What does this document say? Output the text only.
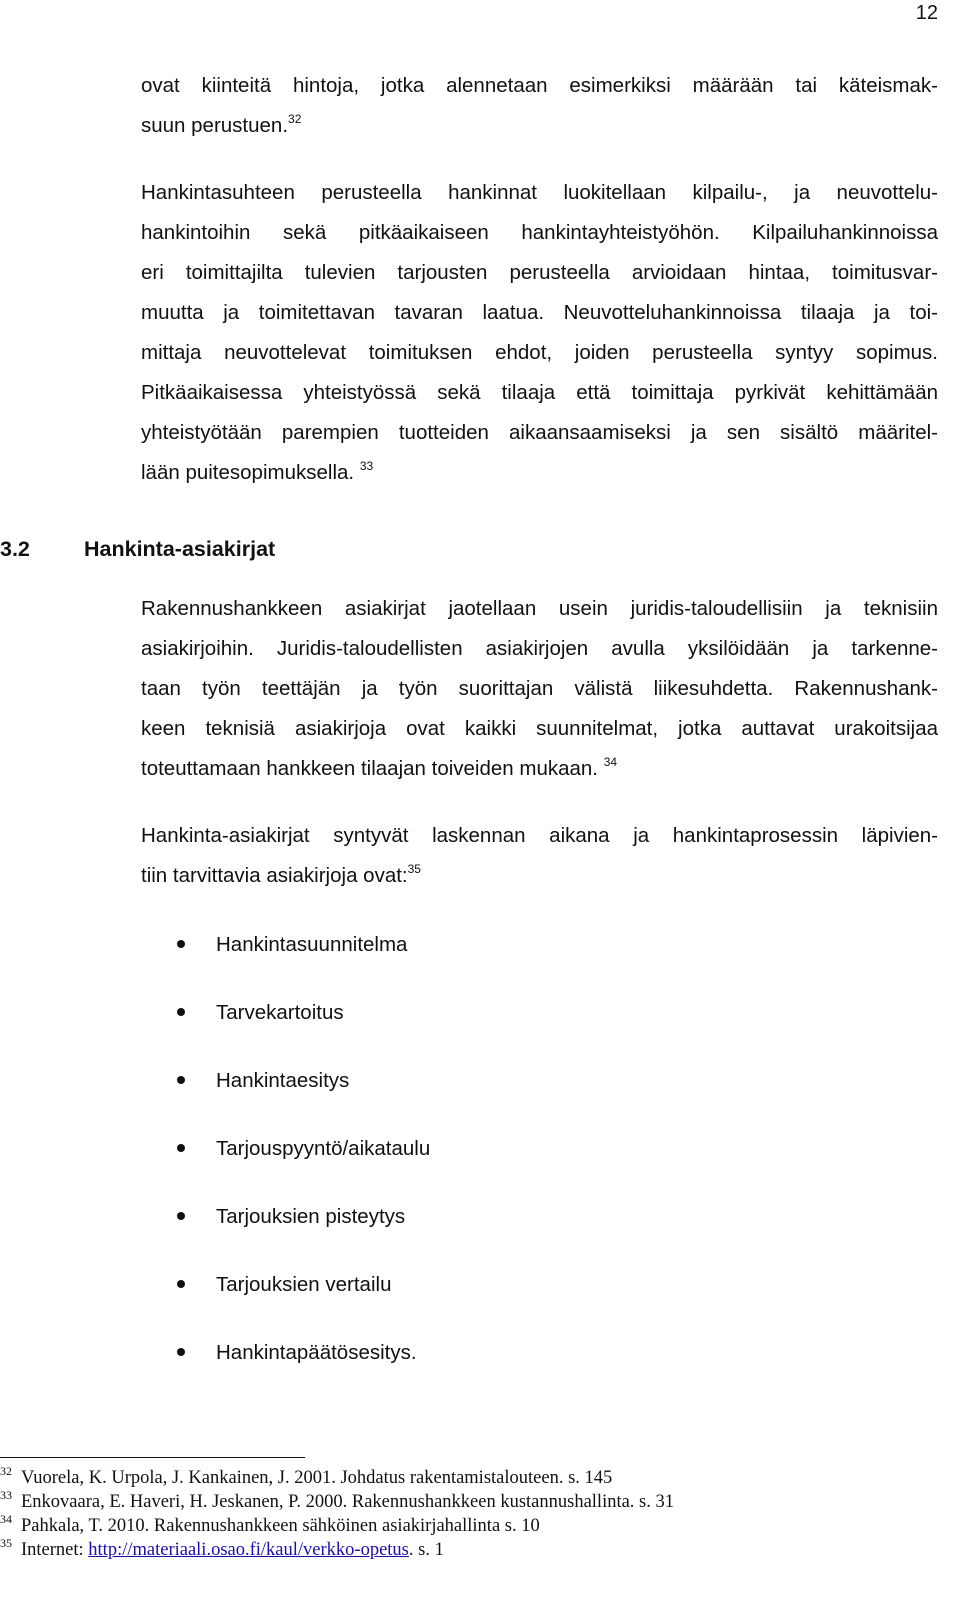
12
ovat kiinteitä hintoja, jotka alennetaan esimerkiksi määrään tai käteismak-
suun perustuen.$^{32}$
Hankintasuhteen perusteella hankinnat luokitellaan kilpailu-, ja neuvottelu-
hankintoihin sekä pitkäaikaiseen hankintayhteistyöhön. Kilpailuhankinnoissa
eri toimittajilta tulevien tarjousten perusteella arvioidaan hintaa, toimitusvar-
muutta ja toimitettavan tavaran laatua. Neuvotteluhankinnoissa tilaaja ja toi-
mittaja neuvottelevat toimituksen ehdot, joiden perusteella syntyy sopimus.
Pitkäaikaisessa yhteistyössä sekä tilaaja että toimittaja pyrkivät kehittämään
yhteistyötään parempien tuotteiden aikaansaamiseksi ja sen sisältö määritel-
lään puitesopimuksella. $^{33}$
3.2	Hankinta-asiakirjat
Rakennushankkeen asiakirjat jaotellaan usein juridis-taloudellisiin ja teknisiin
asiakirjoihin. Juridis-taloudellisten asiakirjojen avulla yksilöidään ja tarkenne-
taan työn teettäjän ja työn suorittajan välistä liikesuhdetta. Rakennushank-
keen teknisiä asiakirjoja ovat kaikki suunnitelmat, jotka auttavat urakoitsijaa
toteuttamaan hankkeen tilaajan toiveiden mukaan. $^{34}$
Hankinta-asiakirjat syntyvät laskennan aikana ja hankintaprosessin läpivien-
tiin tarvittavia asiakirjoja ovat:$^{35}$
Hankintasuunnitelma
Tarvekartoitus
Hankintaesitys
Tarjouspyyntö/aikataulu
Tarjouksien pisteytys
Tarjouksien vertailu
Hankintapäätösesitys.
$^{32}$ Vuorela, K. Urpola, J. Kankainen, J. 2001. Johdatus rakentamistalouteen. s. 145
$^{33}$ Enkovaara, E. Haveri, H. Jeskanen, P. 2000. Rakennushankkeen kustannushallinta. s. 31
$^{34}$ Pahkala, T. 2010. Rakennushankkeen sähköinen asiakirjahallinta s. 10
$^{35}$ Internet: http://materiaali.osao.fi/kaul/verkko-opetus. s. 1
